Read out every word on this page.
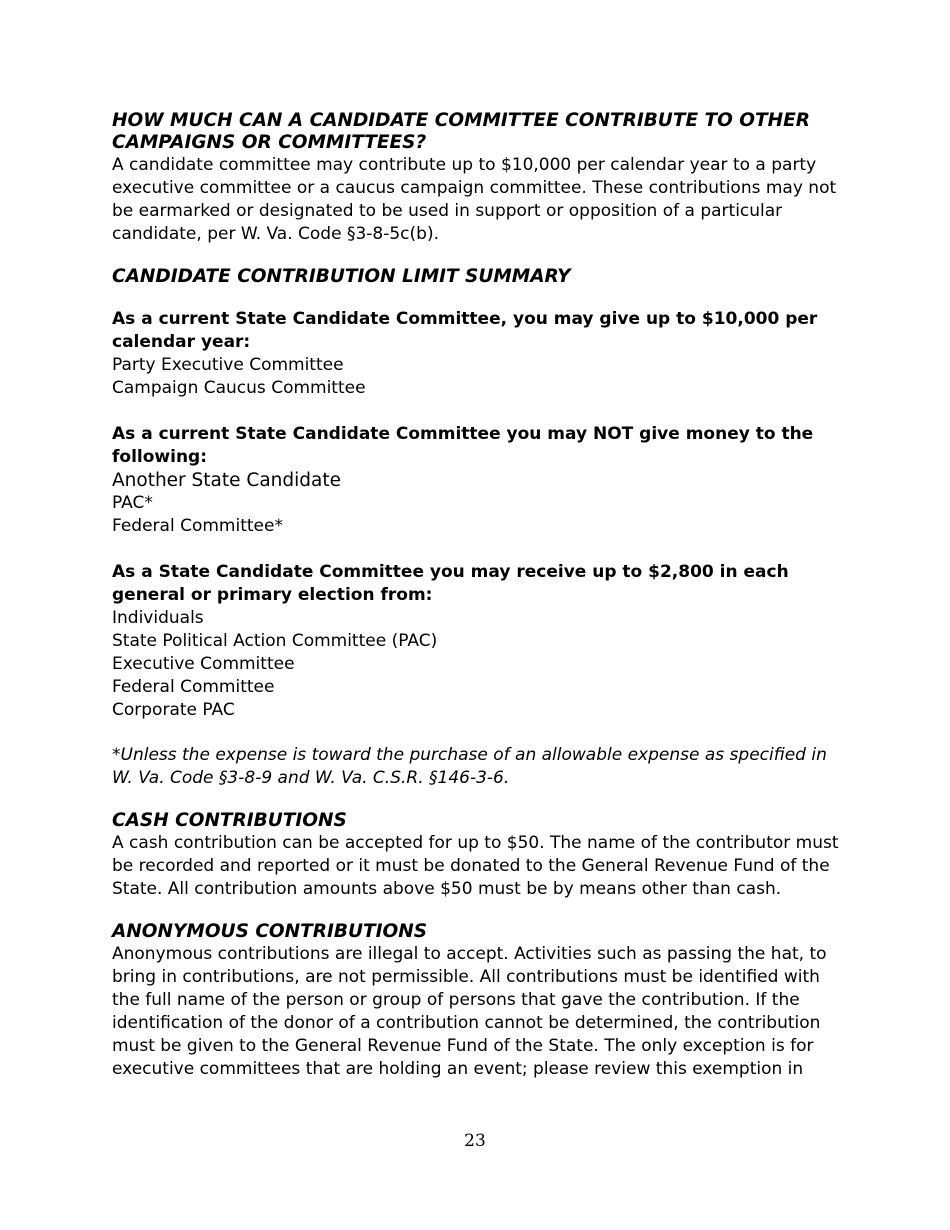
HOW MUCH CAN A CANDIDATE COMMITTEE CONTRIBUTE TO OTHER CAMPAIGNS OR COMMITTEES?

A candidate committee may contribute up to $10,000 per calendar year to a party executive committee or a caucus campaign committee. These contributions may not be earmarked or designated to be used in support or opposition of a particular candidate, per W. Va. Code §3-8-5c(b).

CANDIDATE CONTRIBUTION LIMIT SUMMARY

As a current State Candidate Committee, you may give up to $10,000 per calendar year:

Party Executive Committee
Campaign Caucus Committee

As a current State Candidate Committee you may NOT give money to the following:

Another State Candidate
PAC*
Federal Committee*

As a State Candidate Committee you may receive up to $2,800 in each general or primary election from:

Individuals
State Political Action Committee (PAC)
Executive Committee
Federal Committee
Corporate PAC

*Unless the expense is toward the purchase of an allowable expense as specified in W. Va. Code §3-8-9 and W. Va. C.S.R. §146-3-6.

CASH CONTRIBUTIONS

A cash contribution can be accepted for up to $50. The name of the contributor must be recorded and reported or it must be donated to the General Revenue Fund of the State. All contribution amounts above $50 must be by means other than cash.

ANONYMOUS CONTRIBUTIONS

Anonymous contributions are illegal to accept. Activities such as passing the hat, to bring in contributions, are not permissible. All contributions must be identified with the full name of the person or group of persons that gave the contribution. If the identification of the donor of a contribution cannot be determined, the contribution must be given to the General Revenue Fund of the State. The only exception is for executive committees that are holding an event; please review this exemption in

23
